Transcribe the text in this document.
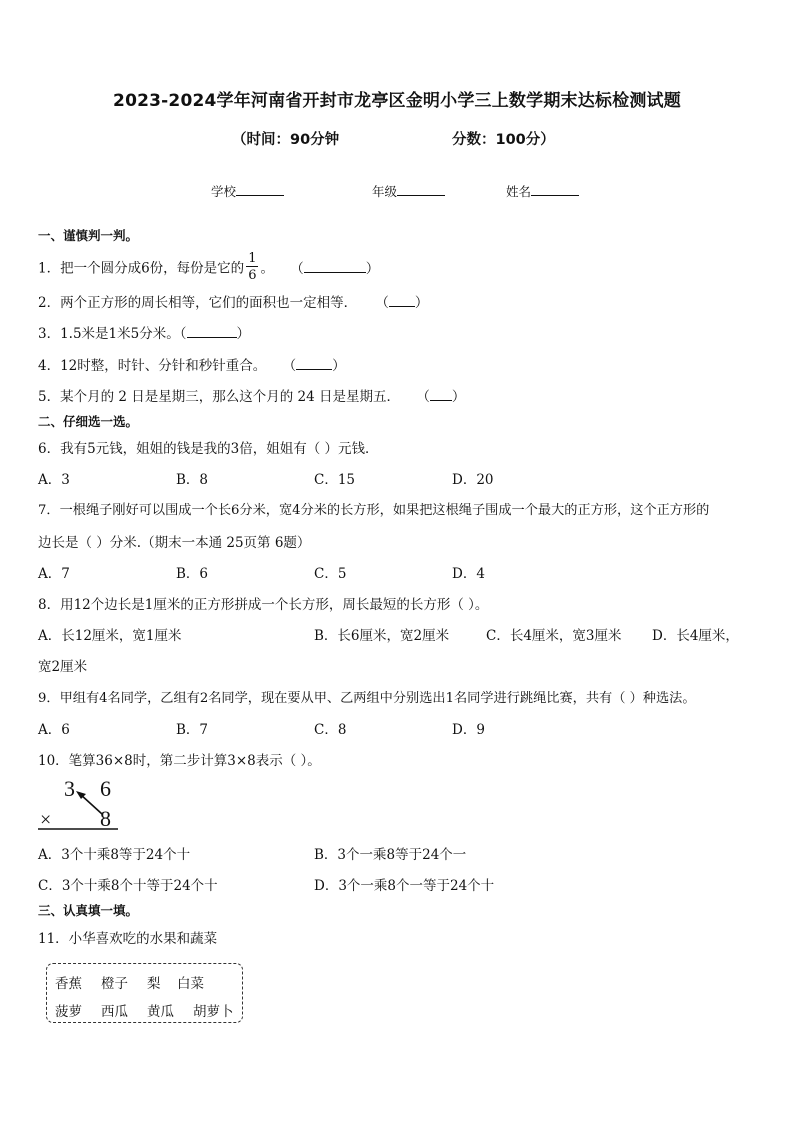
2023-2024学年河南省开封市龙亭区金明小学三上数学期末达标检测试题
（时间：90分钟	分数：100分）
学校	年级	姓名
一、谨慎判一判。
1．把一个圆分成6份，每份是它的 $\frac{1}{6}$ 。 （	）
2．两个正方形的周长相等，它们的面积也一定相等． （ ）
3．1.5米是1米5分米。（	）
4．12时整，时针、分针和秒针重合。 （	）
5．某个月的 2 日是星期三，那么这个月的 24 日是星期五． （ ）
二、仔细选一选。
6．我有5元钱，姐姐的钱是我的3倍，姐姐有（ ）元钱．
A．3	B．8	C．15	D．20
7．一根绳子刚好可以围成一个长6分米，宽4分米的长方形，如果把这根绳子围成一个最大的正方形，这个正方形的
边长是（ ）分米.（期末一本通 25页第 6题）
A．7	B．6	C．5	D．4
8．用12个边长是1厘米的正方形拼成一个长方形，周长最短的长方形（ ）。
A．长12厘米，宽1厘米	B．长6厘米，宽2厘米	C．长4厘米，宽3厘米 D．长4厘米，
宽2厘米
9．甲组有4名同学，乙组有2名同学，现在要从甲、乙两组中分别选出1名同学进行跳绳比赛，共有（ ）种选法。
A．6	B．7	C．8	D．9
10．笔算36×8时，第二步计算3×8表示（ ）。
3 6
8
×
A．3个十乘8等于24个十	B．3个一乘8等于24个一
C．3个十乘8个十等于24个十	D．3个一乘8个一等于24个十
三、认真填一填。
11．小华喜欢吃的水果和蔬菜
香蕉 橙子 梨 白菜
菠萝 西瓜 黄瓜 胡萝卜
